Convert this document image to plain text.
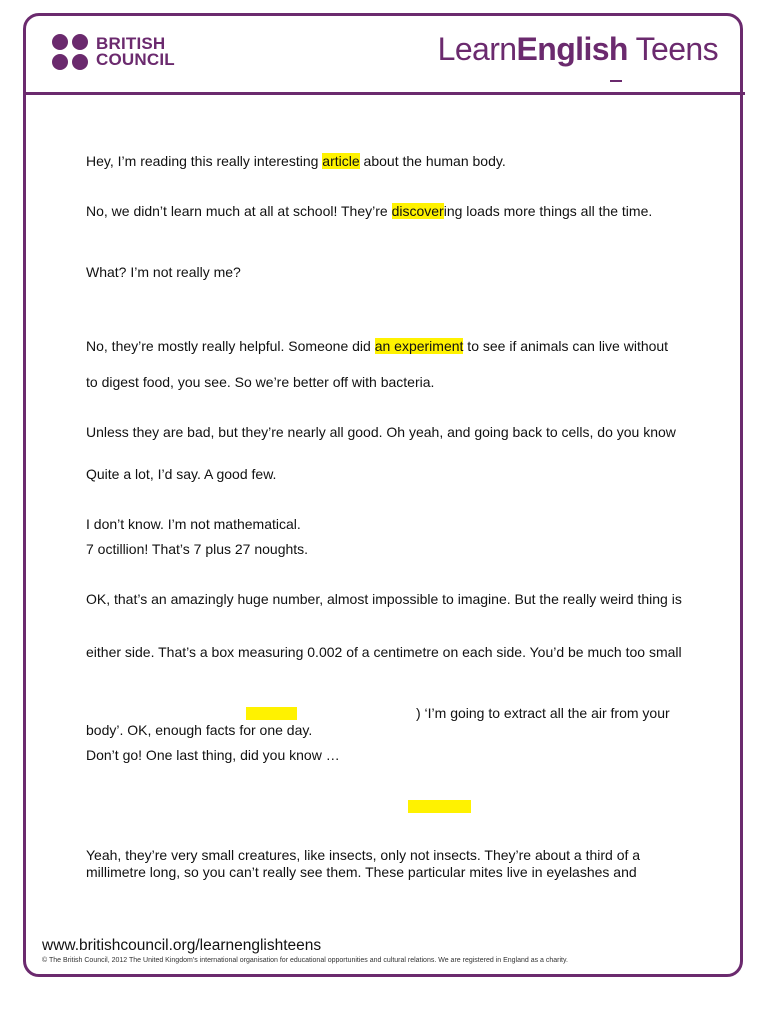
BRITISH
COUNCIL	LearnEnglish Teens
Hey, I’m reading this really interesting article about the human body.
No, we didn’t learn much at all at school! They’re discovering loads more things all the time.
What? I’m not really me?
No, they’re mostly really helpful. Someone did an experiment to see if animals can live without
to digest food, you see. So we’re better off with bacteria.
Unless they are bad, but they’re nearly all good. Oh yeah, and going back to cells, do you know
Quite a lot, I’d say. A good few.
I don’t know. I’m not mathematical.
7 octillion! That’s 7 plus 27 noughts.
OK, that’s an amazingly huge number, almost impossible to imagine. But the really weird thing is
either side. That’s a box measuring 0.002 of a centimetre on each side. You’d be much too small
) ‘I’m going to extract all the air from your
body’. OK, enough facts for one day.
Don’t go! One last thing, did you know …
Yeah, they’re very small creatures, like insects, only not insects. They’re about a third of a
millimetre long, so you can’t really see them. These particular mites live in eyelashes and
www.britishcouncil.org/learnenglishteens
© The British Council, 2012 The United Kingdom’s international organisation for educational opportunities and cultural relations. We are registered in England as a charity.
